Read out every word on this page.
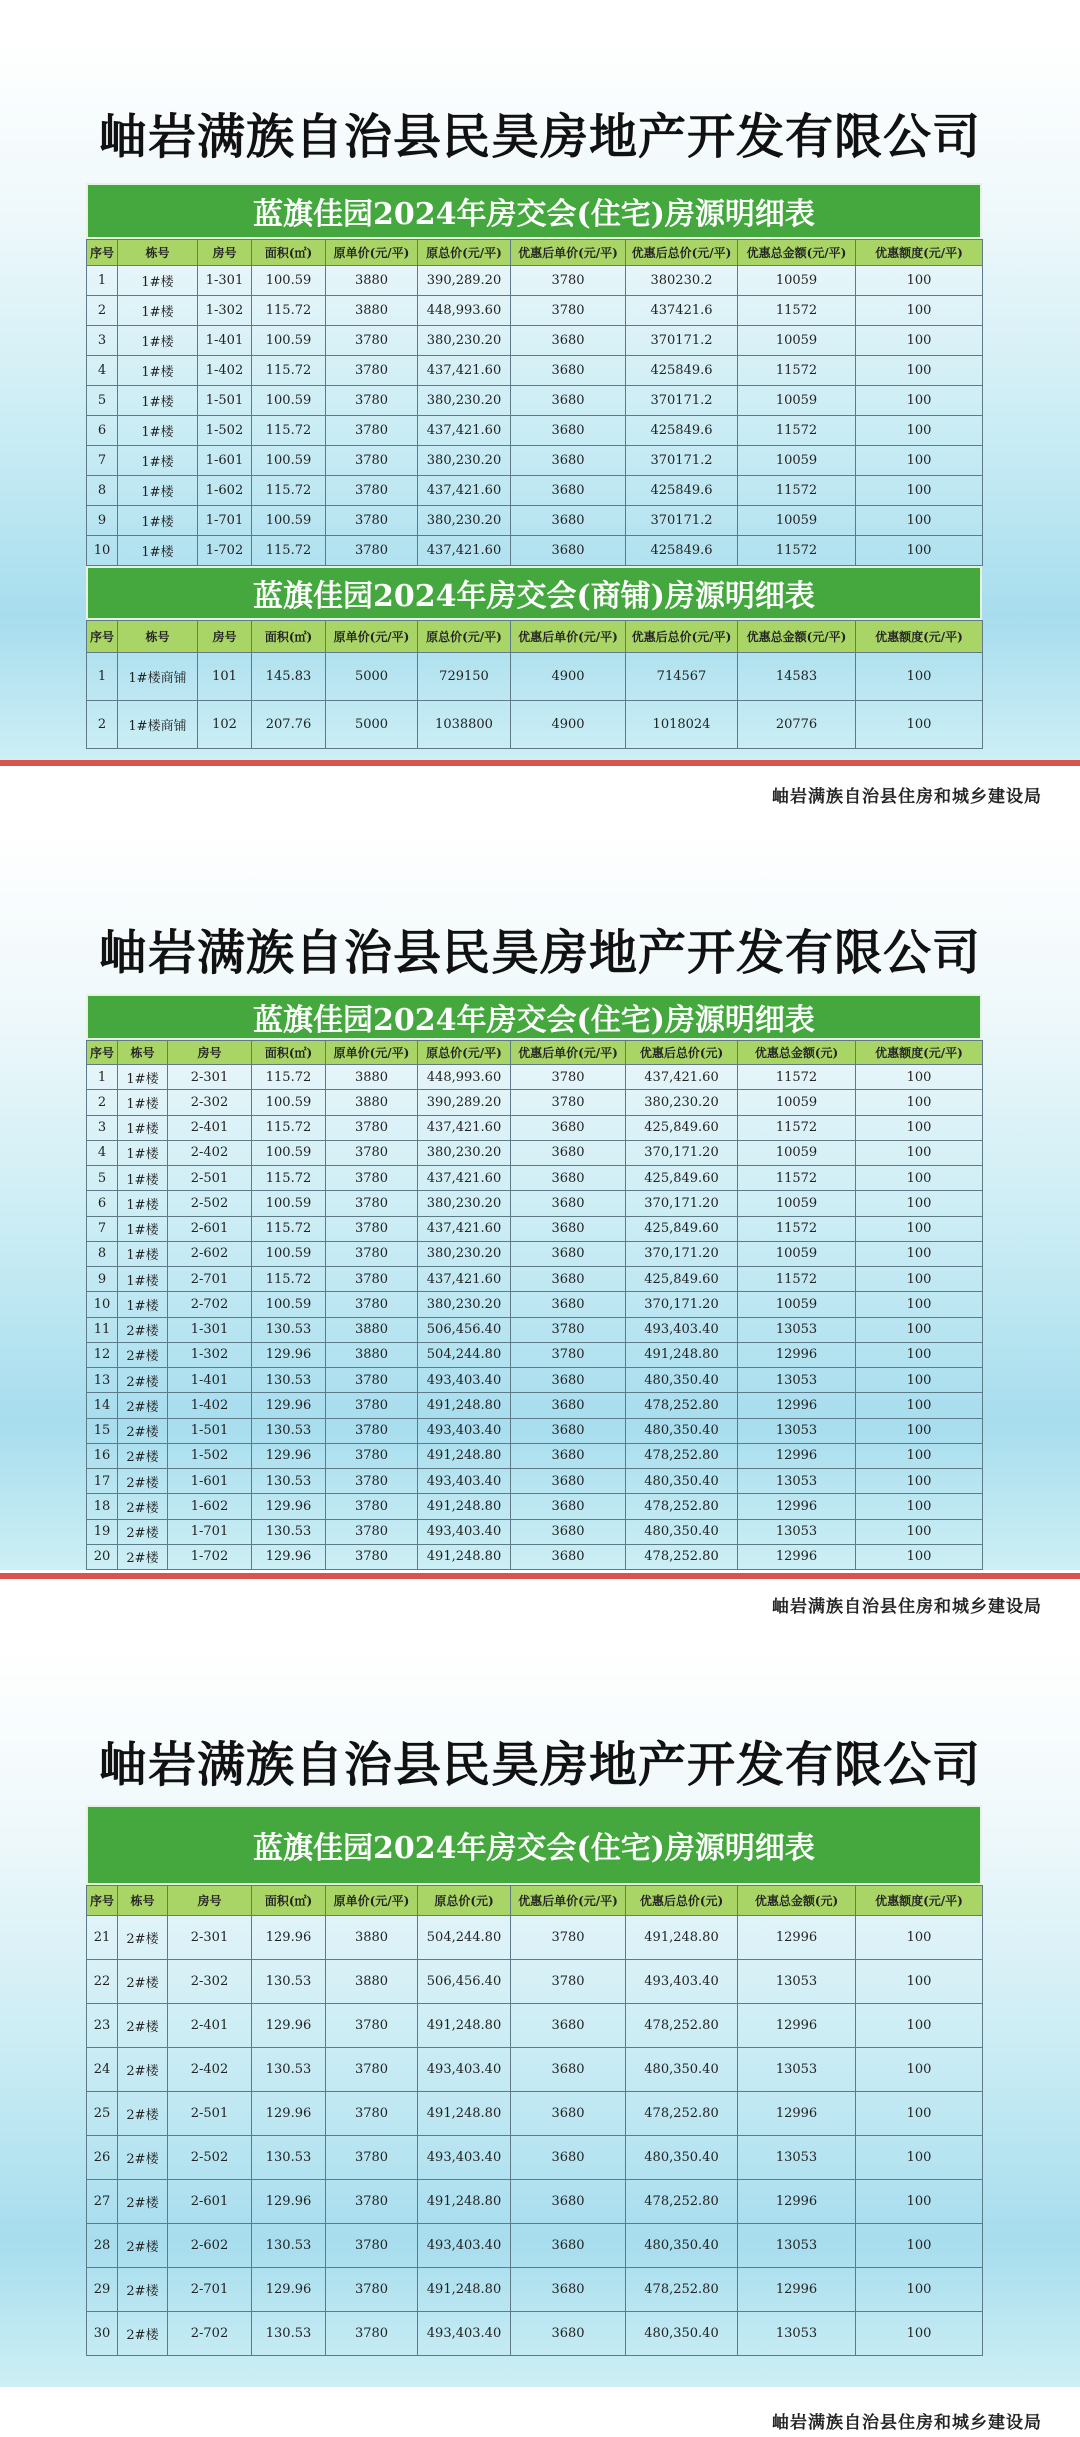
岫岩满族自治县民昊房地产开发有限公司
蓝旗佳园2024年房交会(住宅)房源明细表
序号	栋号	房号	面积(㎡)	原单价(元/平)	原总价(元/平)	优惠后单价(元/平)	优惠后总价(元/平)	优惠总金额(元/平)	优惠额度(元/平)
1	1#楼	1-301	100.59	3880	390,289.20	3780	380230.2	10059	100
2	1#楼	1-302	115.72	3880	448,993.60	3780	437421.6	11572	100
3	1#楼	1-401	100.59	3780	380,230.20	3680	370171.2	10059	100
4	1#楼	1-402	115.72	3780	437,421.60	3680	425849.6	11572	100
5	1#楼	1-501	100.59	3780	380,230.20	3680	370171.2	10059	100
6	1#楼	1-502	115.72	3780	437,421.60	3680	425849.6	11572	100
7	1#楼	1-601	100.59	3780	380,230.20	3680	370171.2	10059	100
8	1#楼	1-602	115.72	3780	437,421.60	3680	425849.6	11572	100
9	1#楼	1-701	100.59	3780	380,230.20	3680	370171.2	10059	100
10	1#楼	1-702	115.72	3780	437,421.60	3680	425849.6	11572	100
蓝旗佳园2024年房交会(商铺)房源明细表
序号	栋号	房号	面积(㎡)	原单价(元/平)	原总价(元/平)	优惠后单价(元/平)	优惠后总价(元/平)	优惠总金额(元/平)	优惠额度(元/平)
1	1#楼商铺	101	145.83	5000	729150	4900	714567	14583	100
2	1#楼商铺	102	207.76	5000	1038800	4900	1018024	20776	100
岫岩满族自治县住房和城乡建设局
岫岩满族自治县民昊房地产开发有限公司
蓝旗佳园2024年房交会(住宅)房源明细表
序号	栋号	房号	面积(㎡)	原单价(元/平)	原总价(元/平)	优惠后单价(元/平)	优惠后总价(元)	优惠总金额(元)	优惠额度(元/平)
1	1#楼	2-301	115.72	3880	448,993.60	3780	437,421.60	11572	100
2	1#楼	2-302	100.59	3880	390,289.20	3780	380,230.20	10059	100
3	1#楼	2-401	115.72	3780	437,421.60	3680	425,849.60	11572	100
4	1#楼	2-402	100.59	3780	380,230.20	3680	370,171.20	10059	100
5	1#楼	2-501	115.72	3780	437,421.60	3680	425,849.60	11572	100
6	1#楼	2-502	100.59	3780	380,230.20	3680	370,171.20	10059	100
7	1#楼	2-601	115.72	3780	437,421.60	3680	425,849.60	11572	100
8	1#楼	2-602	100.59	3780	380,230.20	3680	370,171.20	10059	100
9	1#楼	2-701	115.72	3780	437,421.60	3680	425,849.60	11572	100
10	1#楼	2-702	100.59	3780	380,230.20	3680	370,171.20	10059	100
11	2#楼	1-301	130.53	3880	506,456.40	3780	493,403.40	13053	100
12	2#楼	1-302	129.96	3880	504,244.80	3780	491,248.80	12996	100
13	2#楼	1-401	130.53	3780	493,403.40	3680	480,350.40	13053	100
14	2#楼	1-402	129.96	3780	491,248.80	3680	478,252.80	12996	100
15	2#楼	1-501	130.53	3780	493,403.40	3680	480,350.40	13053	100
16	2#楼	1-502	129.96	3780	491,248.80	3680	478,252.80	12996	100
17	2#楼	1-601	130.53	3780	493,403.40	3680	480,350.40	13053	100
18	2#楼	1-602	129.96	3780	491,248.80	3680	478,252.80	12996	100
19	2#楼	1-701	130.53	3780	493,403.40	3680	480,350.40	13053	100
20	2#楼	1-702	129.96	3780	491,248.80	3680	478,252.80	12996	100
岫岩满族自治县住房和城乡建设局
岫岩满族自治县民昊房地产开发有限公司
蓝旗佳园2024年房交会(住宅)房源明细表
序号	栋号	房号	面积(㎡)	原单价(元/平)	原总价(元)	优惠后单价(元/平)	优惠后总价(元)	优惠总金额(元)	优惠额度(元/平)
21	2#楼	2-301	129.96	3880	504,244.80	3780	491,248.80	12996	100
22	2#楼	2-302	130.53	3880	506,456.40	3780	493,403.40	13053	100
23	2#楼	2-401	129.96	3780	491,248.80	3680	478,252.80	12996	100
24	2#楼	2-402	130.53	3780	493,403.40	3680	480,350.40	13053	100
25	2#楼	2-501	129.96	3780	491,248.80	3680	478,252.80	12996	100
26	2#楼	2-502	130.53	3780	493,403.40	3680	480,350.40	13053	100
27	2#楼	2-601	129.96	3780	491,248.80	3680	478,252.80	12996	100
28	2#楼	2-602	130.53	3780	493,403.40	3680	480,350.40	13053	100
29	2#楼	2-701	129.96	3780	491,248.80	3680	478,252.80	12996	100
30	2#楼	2-702	130.53	3780	493,403.40	3680	480,350.40	13053	100
岫岩满族自治县住房和城乡建设局
